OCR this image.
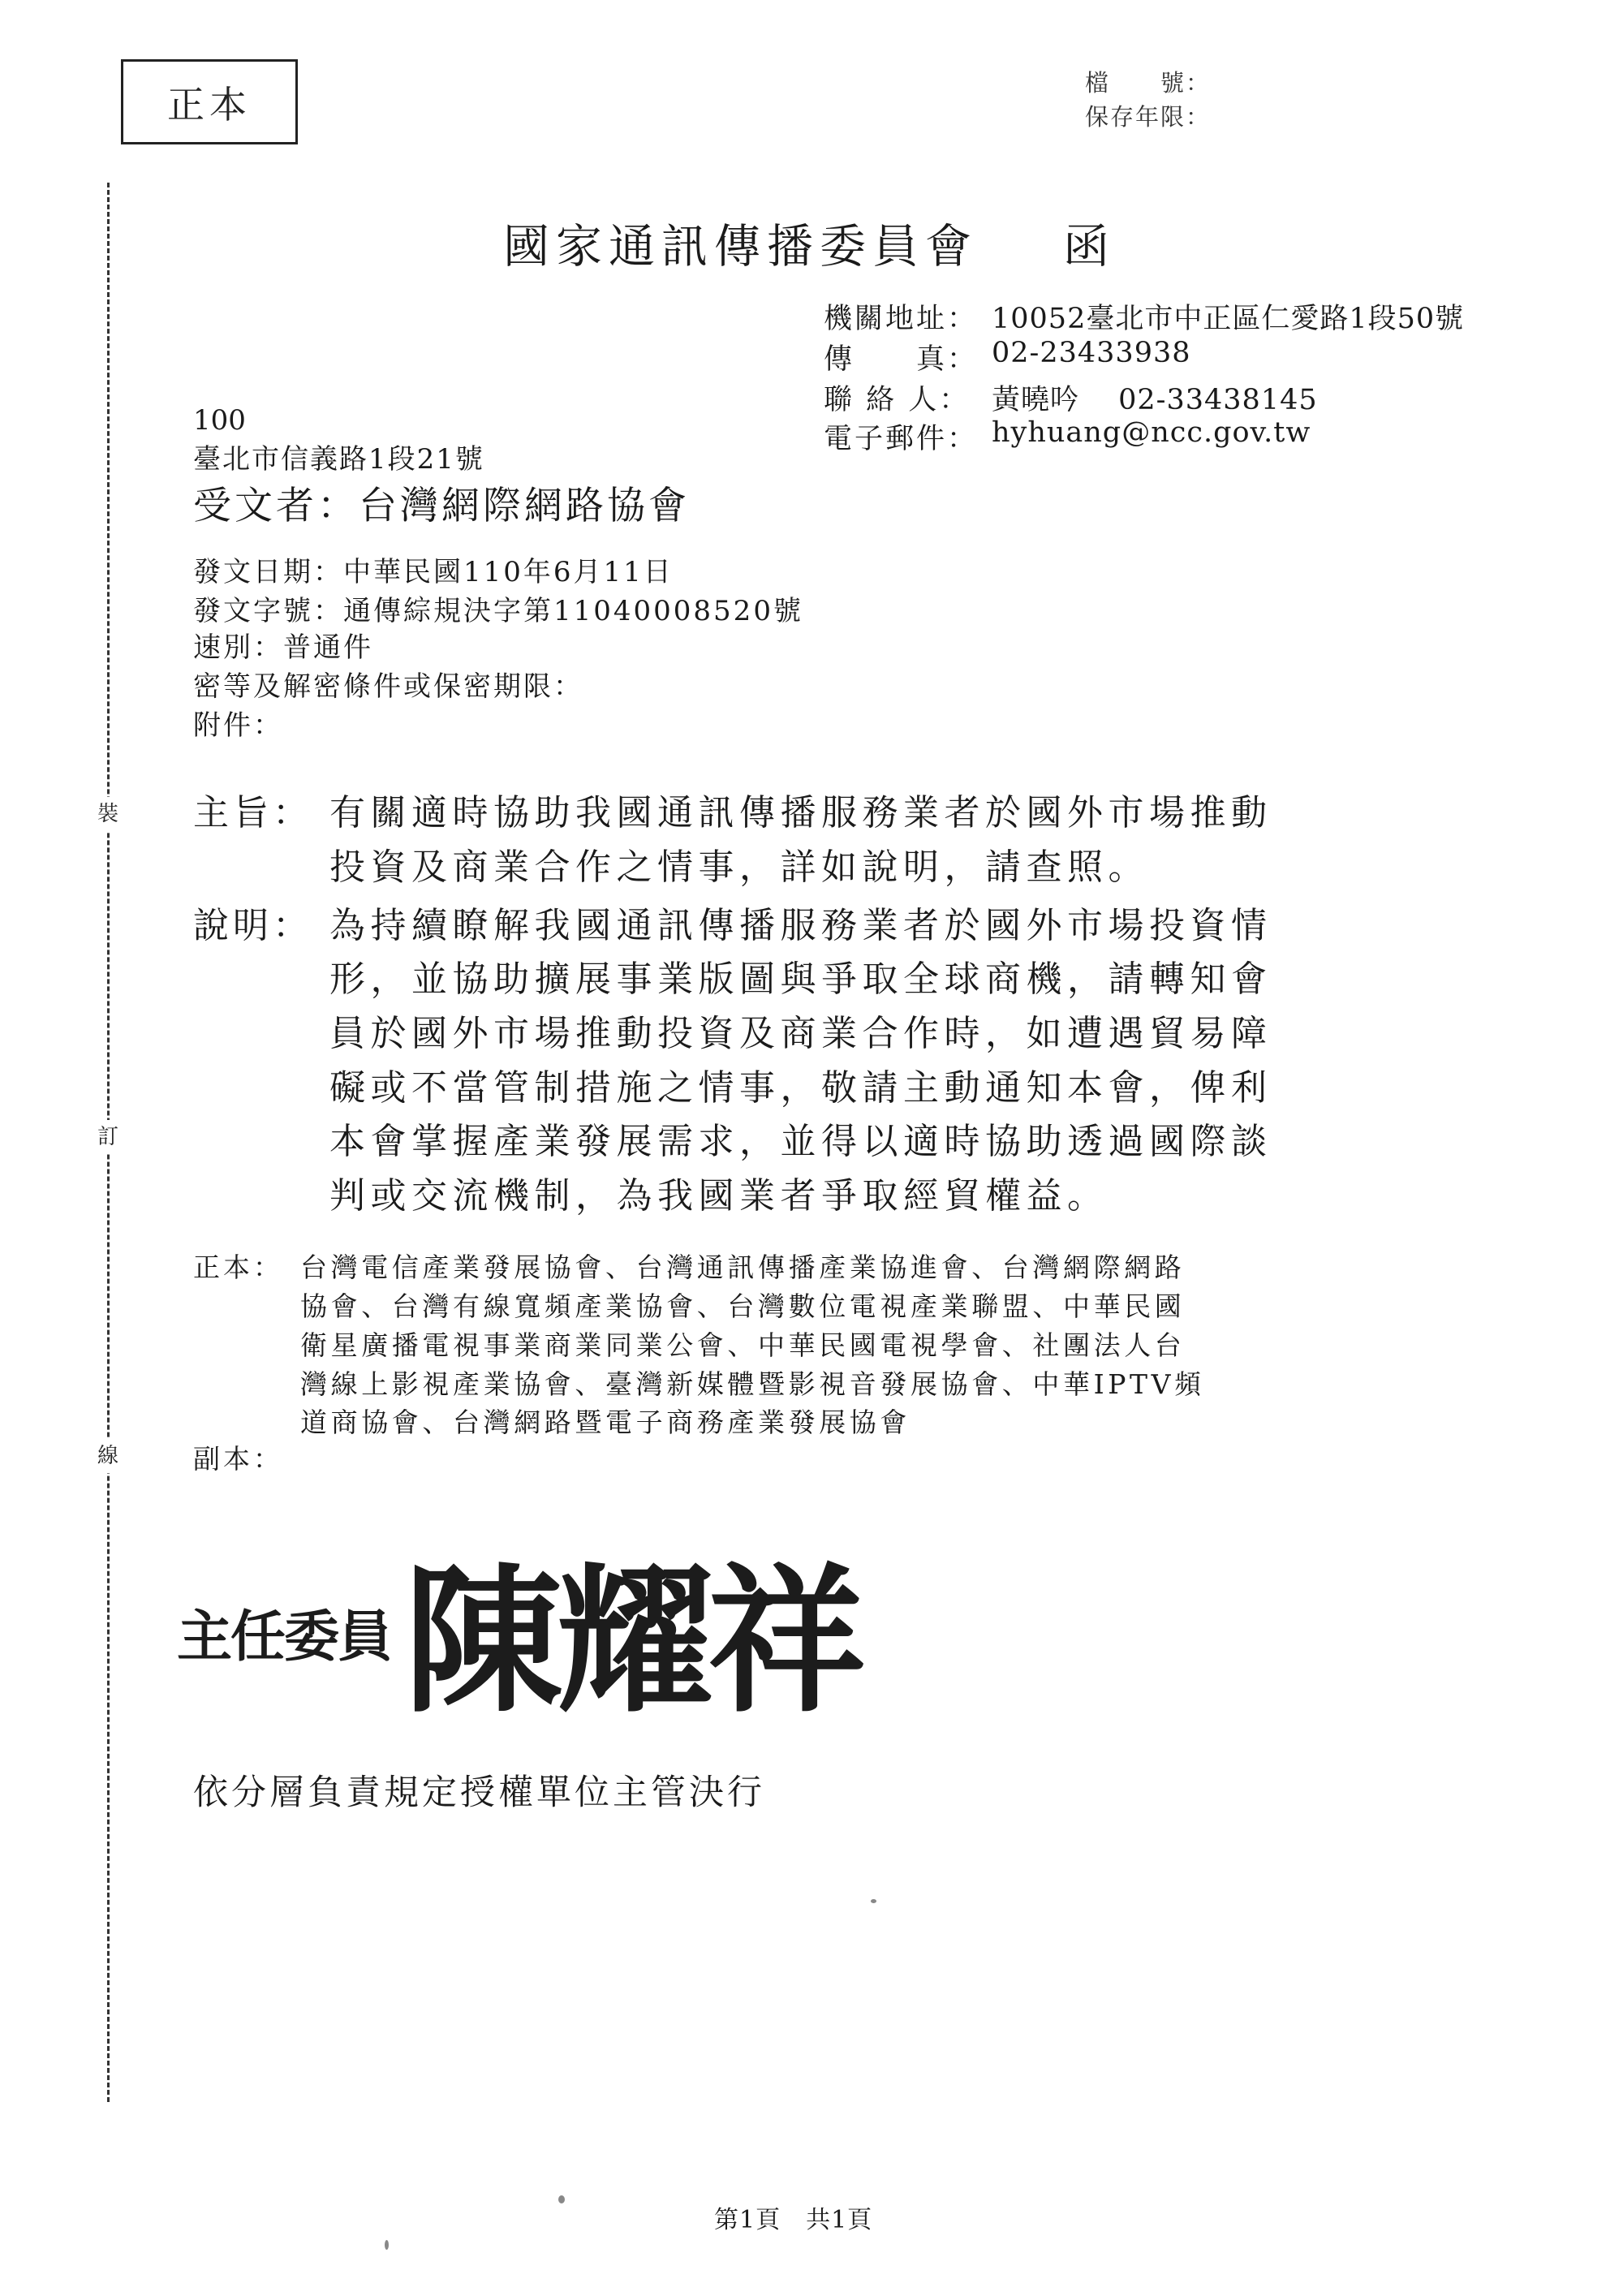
正本	檔　　號：
保存年限：
裝
訂
線
國家通訊傳播委員會 函
機關地址： 10052臺北市中正區仁愛路1段50號
傳　　真： 02-23433938
聯 絡 人： 黃曉吟　 02-33438145
電子郵件： hyhuang@ncc.gov.tw
100
臺北市信義路1段21號
受文者：台灣網際網路協會
發文日期：中華民國110年6月11日
發文字號：通傳綜規決字第11040008520號
速別：普通件
密等及解密條件或保密期限：
附件：
主旨： 有關適時協助我國通訊傳播服務業者於國外市場推動
投資及商業合作之情事，詳如說明，請查照。
說明： 為持續瞭解我國通訊傳播服務業者於國外市場投資情
形，並協助擴展事業版圖與爭取全球商機，請轉知會
員於國外市場推動投資及商業合作時，如遭遇貿易障
礙或不當管制措施之情事，敬請主動通知本會，俾利
本會掌握產業發展需求，並得以適時協助透過國際談
判或交流機制，為我國業者爭取經貿權益。
正本： 台灣電信產業發展協會、台灣通訊傳播產業協進會、台灣網際網路
協會、台灣有線寬頻產業協會、台灣數位電視產業聯盟、中華民國
衛星廣播電視事業商業同業公會、中華民國電視學會、社團法人台
灣線上影視產業協會、臺灣新媒體暨影視音發展協會、中華IPTV頻
道商協會、台灣網路暨電子商務產業發展協會
副本：
主任委員 陳耀祥
依分層負責規定授權單位主管決行
第1頁　共1頁
